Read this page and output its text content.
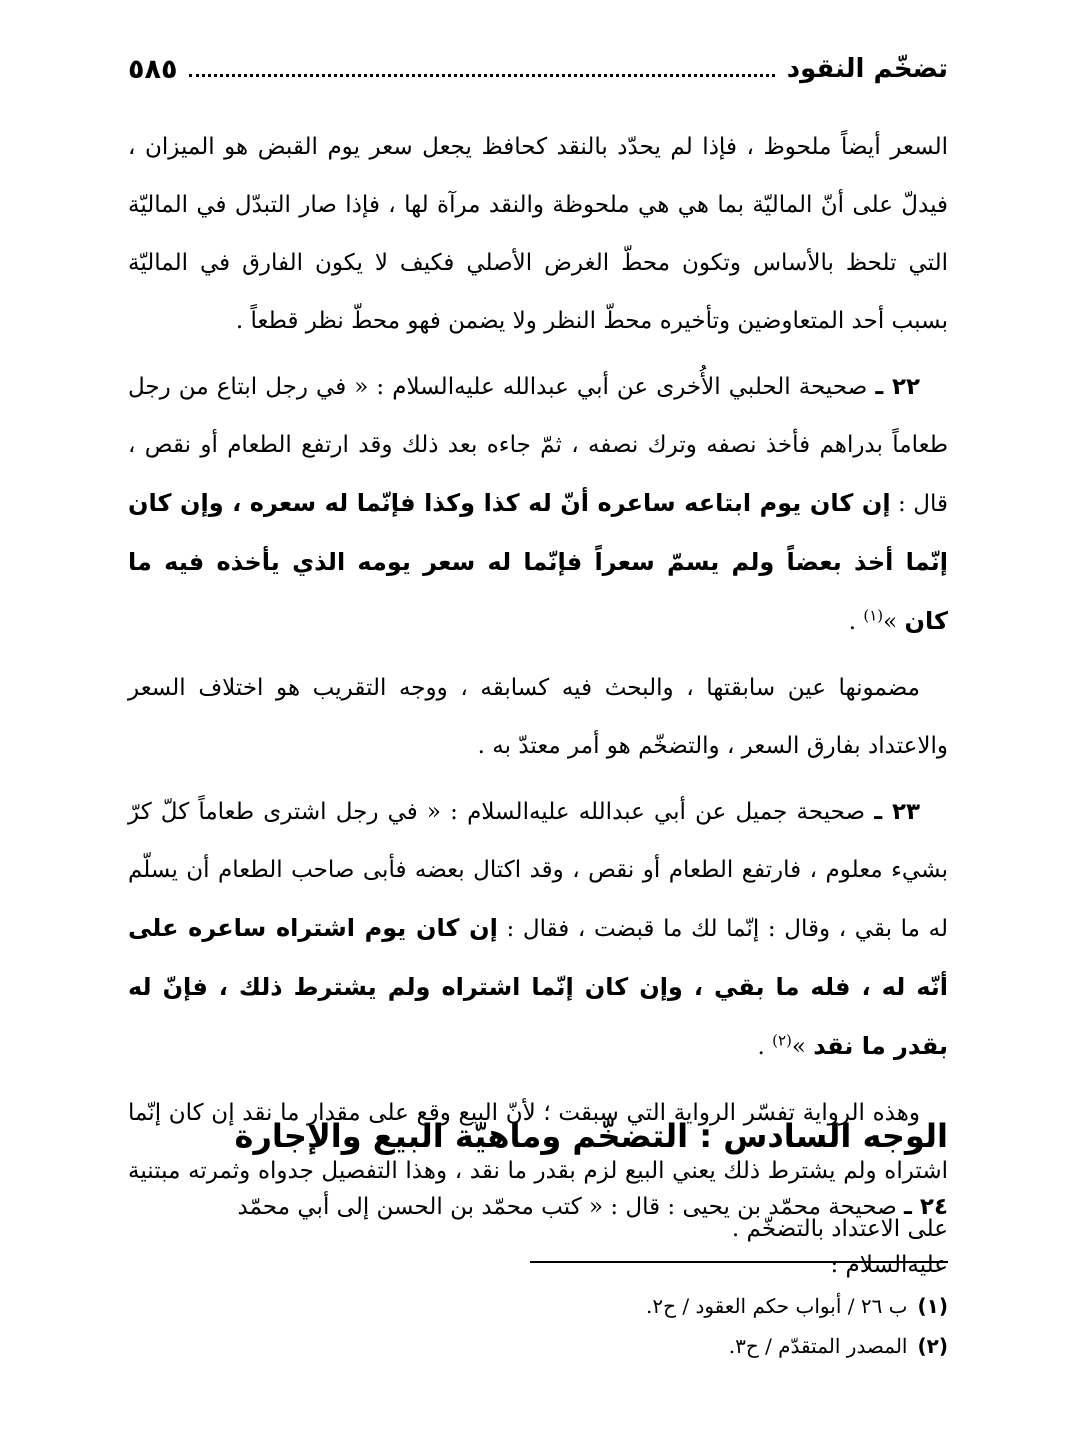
تضخّم النقود
٥٨٥

السعر أيضاً ملحوظ ، فإذا لم يحدّد بالنقد كحافظ يجعل سعر يوم القبض هو الميزان ، فيدلّ على أنّ الماليّة بما هي هي ملحوظة والنقد مرآة لها ، فإذا صار التبدّل في الماليّة التي تلحظ بالأساس وتكون محطّ الغرض الأصلي فكيف لا يكون الفارق في الماليّة بسبب أحد المتعاوضين وتأخيره محطّ النظر ولا يضمن فهو محطّ نظر قطعاً .

٢٢ ـ صحيحة الحلبي الأُخرى عن أبي عبدالله عليه‌السلام : « في رجل ابتاع من رجل طعاماً بدراهم فأخذ نصفه وترك نصفه ، ثمّ جاءه بعد ذلك وقد ارتفع الطعام أو نقص ، قال : إن كان يوم ابتاعه ساعره أنّ له كذا وكذا فإنّما له سعره ، وإن كان إنّما أخذ بعضاً ولم يسمّ سعراً فإنّما له سعر يومه الذي يأخذه فيه ما كان »$^{(١)}$ .

مضمونها عين سابقتها ، والبحث فيه كسابقه ، ووجه التقريب هو اختلاف السعر والاعتداد بفارق السعر ، والتضخّم هو أمر معتدّ به .

٢٣ ـ صحيحة جميل عن أبي عبدالله عليه‌السلام : « في رجل اشترى طعاماً كلّ كرّ بشيء معلوم ، فارتفع الطعام أو نقص ، وقد اكتال بعضه فأبى صاحب الطعام أن يسلّم له ما بقي ، وقال : إنّما لك ما قبضت ، فقال : إن كان يوم اشتراه ساعره على أنّه له ، فله ما بقي ، وإن كان إنّما اشتراه ولم يشترط ذلك ، فإنّ له بقدر ما نقد »$^{(٢)}$ .

وهذه الرواية تفسّر الرواية التي سبقت ؛ لأنّ البيع وقع على مقدار ما نقد إن كان إنّما اشتراه ولم يشترط ذلك يعني البيع لزم بقدر ما نقد ، وهذا التفصيل جدواه وثمرته مبتنية على الاعتداد بالتضخّم .

الوجه السادس : التضخّم وماهيّة البيع والإجارة
٢٤ ـ صحيحة محمّد بن يحيى : قال : « كتب محمّد بن الحسن إلى أبي محمّد عليه‌السلام :
(١)ب ٢٦ / أبواب حكم العقود / ح٢.
(٢)المصدر المتقدّم / ح٣.
